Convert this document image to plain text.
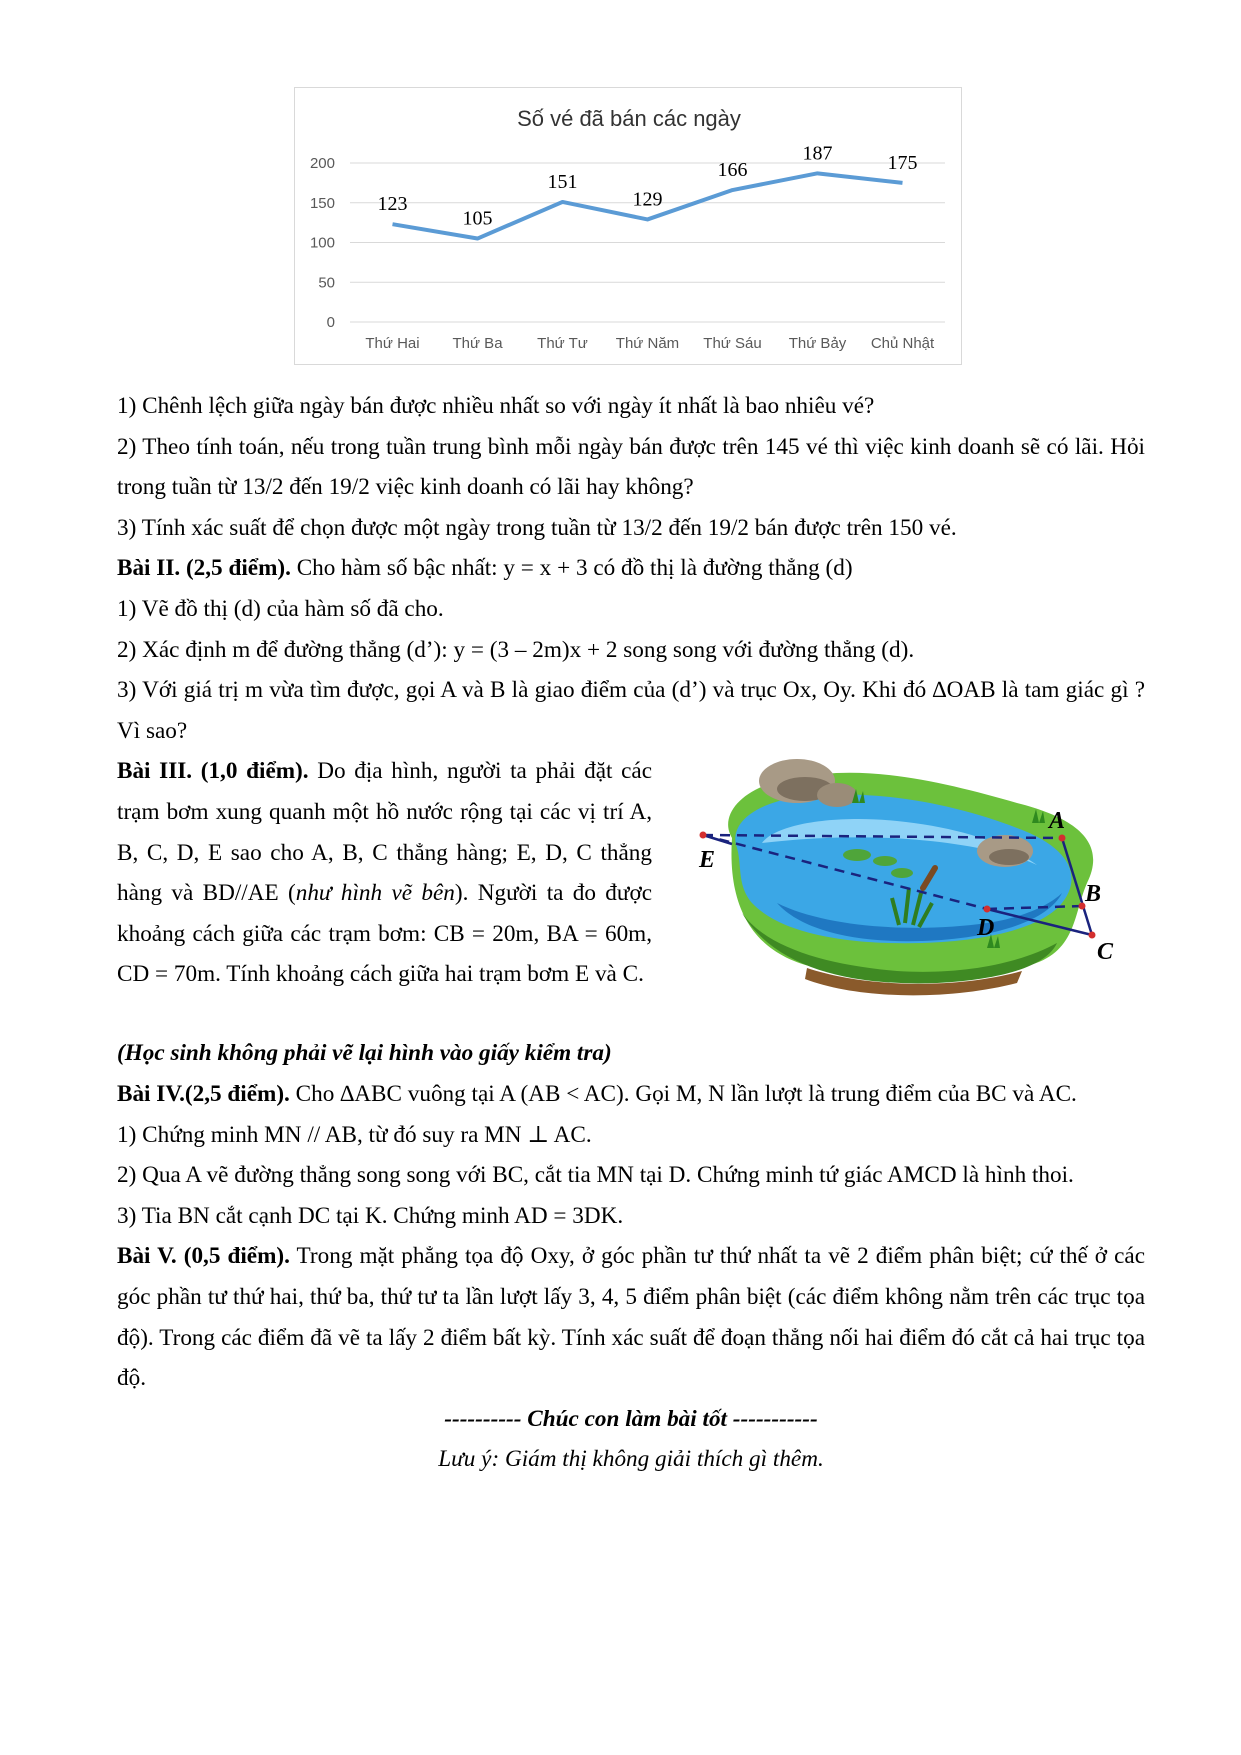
Số vé đã bán các ngày
0
50
100
150
200
Thứ Hai Thứ Ba Thứ Tư Thứ Năm Thứ Sáu Thứ Bảy Chủ Nhật
123
105
151
129
166
187	175

1) Chênh lệch giữa ngày bán được nhiều nhất so với ngày ít nhất là bao nhiêu vé?

2) Theo tính toán, nếu trong tuần trung bình mỗi ngày bán được trên 145 vé thì việc kinh doanh sẽ có lãi. Hỏi trong tuần từ 13/2 đến 19/2 việc kinh doanh có lãi hay không?

3) Tính xác suất để chọn được một ngày trong tuần từ 13/2 đến 19/2 bán được trên 150 vé.

Bài II. (2,5 điểm). Cho hàm số bậc nhất: y = x + 3 có đồ thị là đường thẳng (d)

1) Vẽ đồ thị (d) của hàm số đã cho.

2) Xác định m để đường thẳng (d’): y = (3 – 2m)x + 2 song song với đường thẳng (d).

3) Với giá trị m vừa tìm được, gọi A và B là giao điểm của (d’) và trục Ox, Oy. Khi đó ∆OAB là tam giác gì ? Vì sao?

Bài III. (1,0 điểm). Do địa hình, người ta phải đặt các trạm bơm xung quanh một hồ nước rộng tại các vị trí A, B, C, D, E sao cho A, B, C thẳng hàng; E, D, C thẳng hàng và BD//AE (như hình vẽ bên). Người ta đo được khoảng cách giữa các trạm bơm: CB = 20m, BA = 60m, CD = 70m. Tính khoảng cách giữa hai trạm bơm E và C.

A
B
C
D
E

(Học sinh không phải vẽ lại hình vào giấy kiểm tra)

Bài IV.(2,5 điểm). Cho ∆ABC vuông tại A (AB < AC). Gọi M, N lần lượt là trung điểm của BC và AC.

1) Chứng minh MN // AB, từ đó suy ra MN ⊥ AC.

2) Qua A vẽ đường thẳng song song với BC, cắt tia MN tại D. Chứng minh tứ giác AMCD là hình thoi.

3) Tia BN cắt cạnh DC tại K. Chứng minh AD = 3DK.

Bài V. (0,5 điểm). Trong mặt phẳng tọa độ Oxy, ở góc phần tư thứ nhất ta vẽ 2 điểm phân biệt; cứ thế ở các góc phần tư thứ hai, thứ ba, thứ tư ta lần lượt lấy 3, 4, 5 điểm phân biệt (các điểm không nằm trên các trục tọa độ). Trong các điểm đã vẽ ta lấy 2 điểm bất kỳ. Tính xác suất để đoạn thẳng nối hai điểm đó cắt cả hai trục tọa độ.

---------- Chúc con làm bài tốt -----------

Lưu ý: Giám thị không giải thích gì thêm.
